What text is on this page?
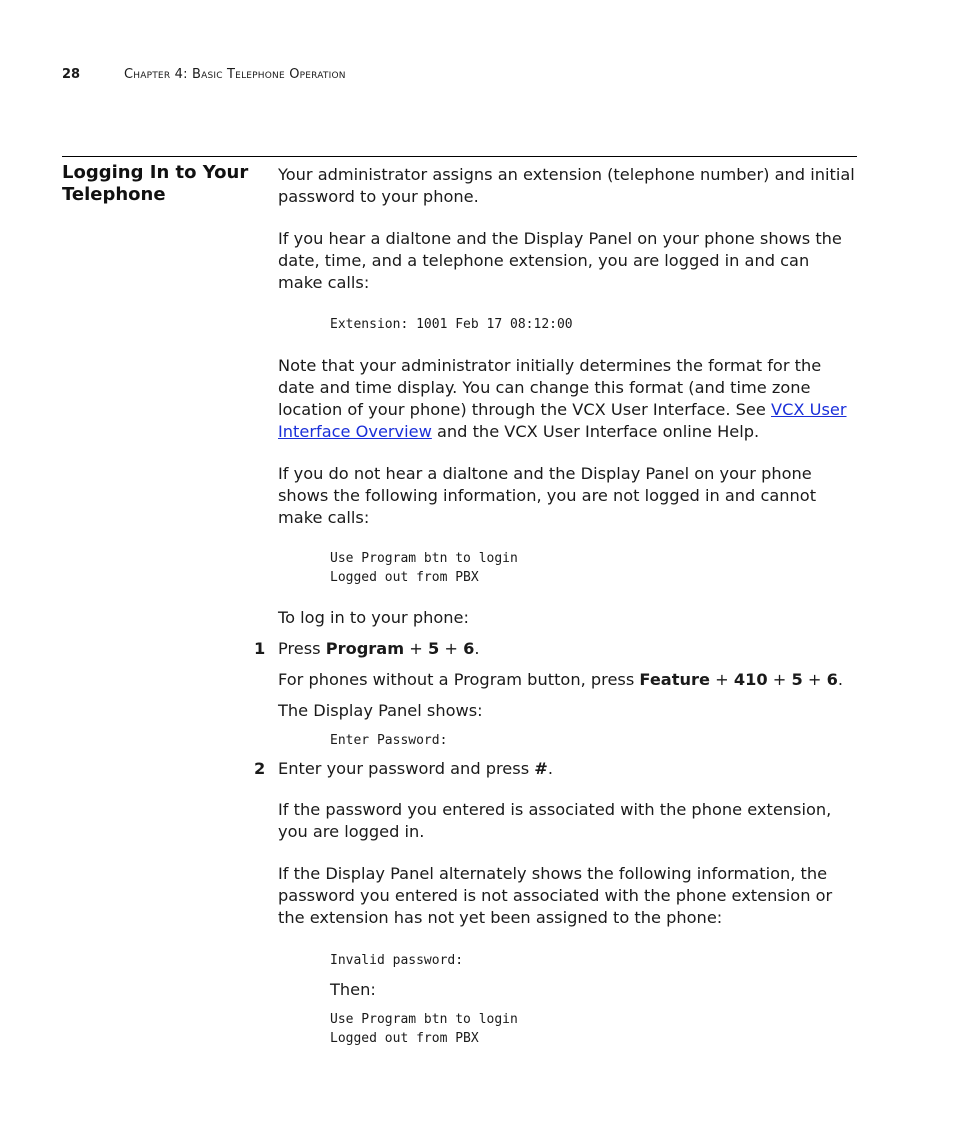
28	Chapter 4: Basic Telephone Operation
Logging In to Your Telephone

Your administrator assigns an extension (telephone number) and initial password to your phone.

If you hear a dialtone and the Display Panel on your phone shows the date, time, and a telephone extension, you are logged in and can make calls:

Extension: 1001 Feb 17 08:12:00

Note that your administrator initially determines the format for the date and time display. You can change this format (and time zone location of your phone) through the VCX User Interface. See VCX User Interface Overview and the VCX User Interface online Help.

If you do not hear a dialtone and the Display Panel on your phone shows the following information, you are not logged in and cannot make calls:

Use Program btn to login
Logged out from PBX

To log in to your phone:

1 Press Program + 5 + 6.

For phones without a Program button, press Feature + 410 + 5 + 6.

The Display Panel shows:

Enter Password:

2 Enter your password and press #.

If the password you entered is associated with the phone extension, you are logged in.

If the Display Panel alternately shows the following information, the password you entered is not associated with the phone extension or the extension has not yet been assigned to the phone:

Invalid password:

Then:

Use Program btn to login
Logged out from PBX
